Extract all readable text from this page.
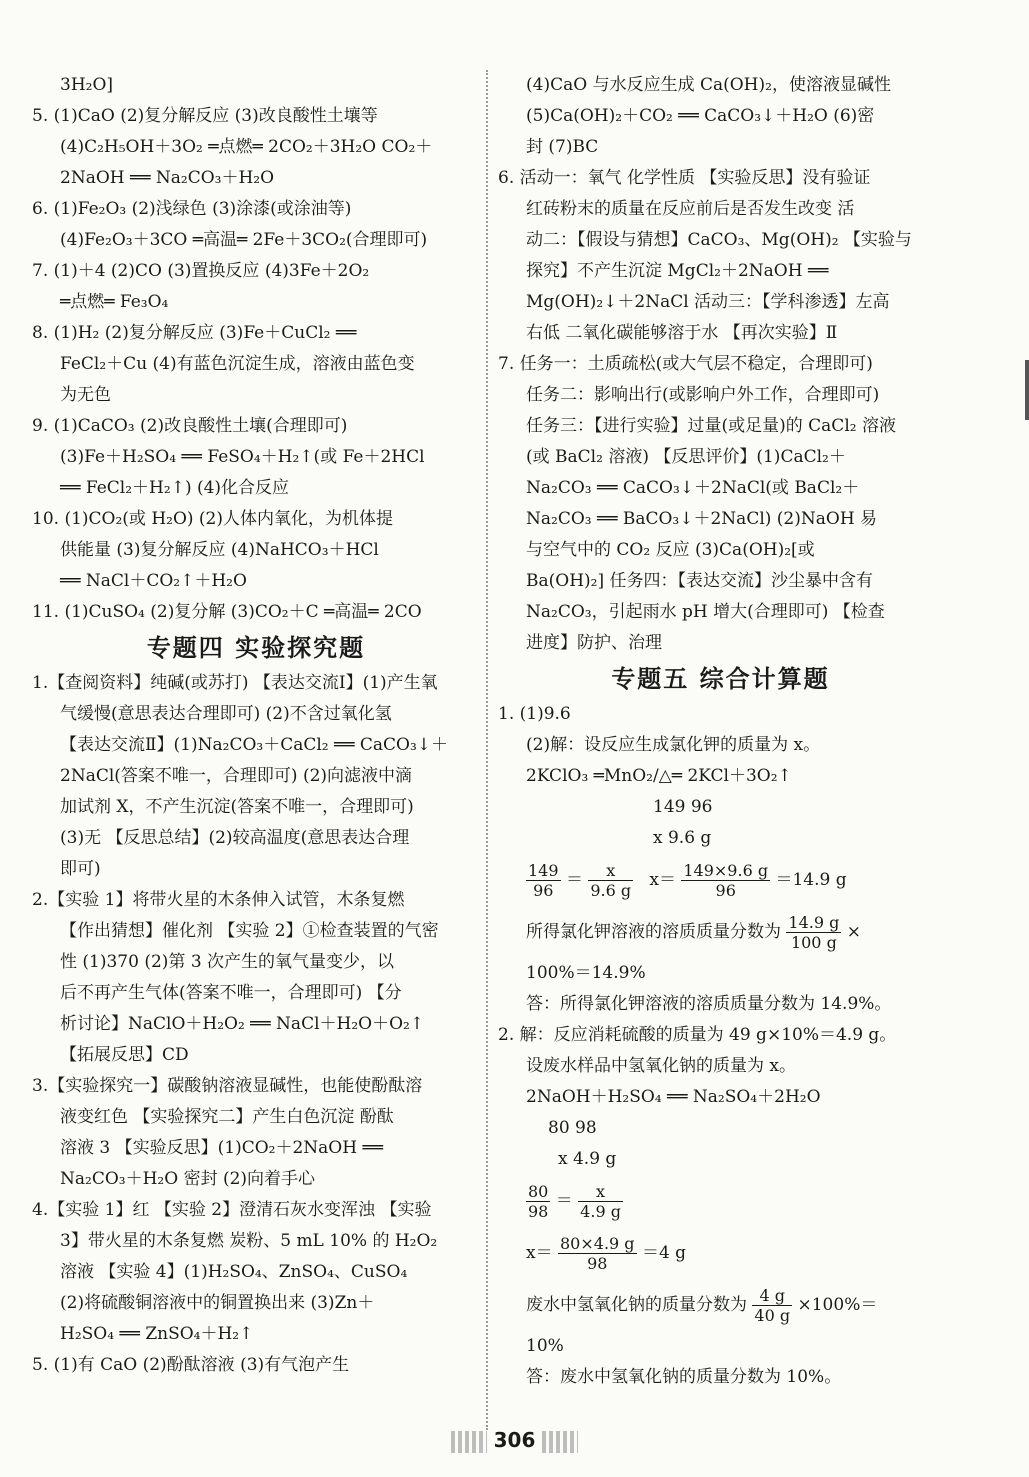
3H₂O]
5. (1)CaO (2)复分解反应 (3)改良酸性土壤等
(4)C₂H₅OH＋3O₂ ═点燃═ 2CO₂＋3H₂O CO₂＋
2NaOH ══ Na₂CO₃＋H₂O
6. (1)Fe₂O₃ (2)浅绿色 (3)涂漆(或涂油等)
(4)Fe₂O₃＋3CO ═高温═ 2Fe＋3CO₂(合理即可)
7. (1)＋4 (2)CO (3)置换反应 (4)3Fe＋2O₂
═点燃═ Fe₃O₄
8. (1)H₂ (2)复分解反应 (3)Fe＋CuCl₂ ══
FeCl₂＋Cu (4)有蓝色沉淀生成，溶液由蓝色变
为无色
9. (1)CaCO₃ (2)改良酸性土壤(合理即可)
(3)Fe＋H₂SO₄ ══ FeSO₄＋H₂↑(或 Fe＋2HCl
══ FeCl₂＋H₂↑) (4)化合反应
10. (1)CO₂(或 H₂O) (2)人体内氧化，为机体提
供能量 (3)复分解反应 (4)NaHCO₃＋HCl
══ NaCl＋CO₂↑＋H₂O
11. (1)CuSO₄ (2)复分解 (3)CO₂＋C ═高温═ 2CO
专题四 实验探究题
1.【查阅资料】纯碱(或苏打) 【表达交流Ⅰ】(1)产生氧
气缓慢(意思表达合理即可) (2)不含过氧化氢
【表达交流Ⅱ】(1)Na₂CO₃＋CaCl₂ ══ CaCO₃↓＋
2NaCl(答案不唯一，合理即可) (2)向滤液中滴
加试剂 X，不产生沉淀(答案不唯一，合理即可)
(3)无 【反思总结】(2)较高温度(意思表达合理
即可)
2.【实验 1】将带火星的木条伸入试管，木条复燃
【作出猜想】催化剂 【实验 2】①检查装置的气密
性 (1)370 (2)第 3 次产生的氧气量变少，以
后不再产生气体(答案不唯一，合理即可) 【分
析讨论】NaClO＋H₂O₂ ══ NaCl＋H₂O＋O₂↑
【拓展反思】CD
3.【实验探究一】碳酸钠溶液显碱性，也能使酚酞溶
液变红色 【实验探究二】产生白色沉淀 酚酞
溶液 3 【实验反思】(1)CO₂＋2NaOH ══
Na₂CO₃＋H₂O 密封 (2)向着手心
4.【实验 1】红 【实验 2】澄清石灰水变浑浊 【实验
3】带火星的木条复燃 炭粉、5 mL 10% 的 H₂O₂
溶液 【实验 4】(1)H₂SO₄、ZnSO₄、CuSO₄
(2)将硫酸铜溶液中的铜置换出来 (3)Zn＋
H₂SO₄ ══ ZnSO₄＋H₂↑
5. (1)有 CaO (2)酚酞溶液 (3)有气泡产生
(4)CaO 与水反应生成 Ca(OH)₂，使溶液显碱性
(5)Ca(OH)₂＋CO₂ ══ CaCO₃↓＋H₂O (6)密
封 (7)BC
6. 活动一：氧气 化学性质 【实验反思】没有验证
红砖粉末的质量在反应前后是否发生改变 活
动二：【假设与猜想】CaCO₃、Mg(OH)₂ 【实验与
探究】不产生沉淀 MgCl₂＋2NaOH ══
Mg(OH)₂↓＋2NaCl 活动三：【学科渗透】左高
右低 二氧化碳能够溶于水 【再次实验】Ⅱ
7. 任务一：土质疏松(或大气层不稳定，合理即可)
任务二：影响出行(或影响户外工作，合理即可)
任务三：【进行实验】过量(或足量)的 CaCl₂ 溶液
(或 BaCl₂ 溶液) 【反思评价】(1)CaCl₂＋
Na₂CO₃ ══ CaCO₃↓＋2NaCl(或 BaCl₂＋
Na₂CO₃ ══ BaCO₃↓＋2NaCl) (2)NaOH 易
与空气中的 CO₂ 反应 (3)Ca(OH)₂[或
Ba(OH)₂] 任务四：【表达交流】沙尘暴中含有
Na₂CO₃，引起雨水 pH 增大(合理即可) 【检查
进度】防护、治理
专题五 综合计算题
1. (1)9.6
(2)解：设反应生成氯化钾的质量为 x。
2KClO₃ ═MnO₂/△═ 2KCl＋3O₂↑
149 96
x 9.6 g
$\frac{149}{96} = \frac{x}{9.6 g} x= \frac{149\times 9.6 g}{96} =14.9$ g
所得氯化钾溶液的溶质质量分数为 $\frac{14.9 g}{100 g}$ ×
100%＝14.9%
答：所得氯化钾溶液的溶质质量分数为 14.9%。
2. 解：反应消耗硫酸的质量为 49 g×10%＝4.9 g。
设废水样品中氢氧化钠的质量为 x。
2NaOH＋H₂SO₄ ══ Na₂SO₄＋2H₂O
80 98
x 4.9 g
$\frac{80}{98} = \frac{x}{4.9 g}$
$x= \frac{80\times 4.9 g}{98} =4$ g
废水中氢氧化钠的质量分数为 $\frac{4 g}{40 g} \times 100\%=$
10%
答：废水中氢氧化钠的质量分数为 10%。
306
